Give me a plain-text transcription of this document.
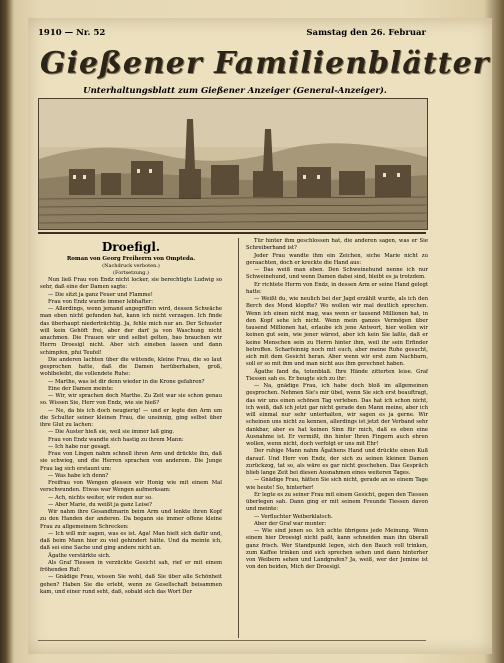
1910 — Nr. 52	Samstag den 26. Februar
Gießener Familienblätter
Unterhaltungsblatt zum Gießener Anzeiger (General-Anzeiger).
Droefigl.
Roman von Georg Freiherrn von Ompteda.
(Nachdruck verboten.)
(Fortsetzung.)

Nun ließ Frau von Endz nicht locker, sie berechtigte Ludwig so sehr, daß eine der Damen sagte:

— Die sitzt ja ganz Feuer und Flamme!

Frau von Endz wurde immer lebhafter:

— Allerdings, wenn jemand angegriffen wird, dessen Schwäche man eben nicht gefunden hat, kann ich nicht verzagen. Ich finde das überhaupt niederträchtig. Ja, fehle mich nur an. Der Schuster will kein Gehöft frei, aber der darf ja von Waschung nicht anachmen. Die Frauen wir und selbst gelten, bao brauchen wir Herrn Droesigl nicht. Aber sich eineben lassen und dann schimpfen, pfui Teufel!

Die anderen lachten über die wütende, kleine Frau, die so laut gesprochen hatte, daß die Damen herüberhaben, groß, wohlbeleibt, die vollendete Ruhe:

— Marthe, was ist dir denn wieder in die Krone gefahren?

Eine der Damen meinte:

— Wir, wir sprachen doch Marthe. Zu Zeit war sie schon genau so. Wissen Sie, Herr von Endz, wie sie hieß?

— Ne, da bis ich doch neugierig! — und er legte den Arm um die Schulter seiner kleinen Frau, die unsinnig, ging selbst über ihre Glut zu lachen:

— Die Auster hieß sie, weil sie immer laß ging.

Frau von Endz wandte sich hastig zu ihrem Mann:

— Ich habe nur gesagt.

Frau von Lingen nahm schnell ihren Arm und drückte ihn, daß sie schwieg, und die Herren sprachen von anderem. Die Junge Frau lag sich erstaunt um:

— Was habe ich denn?

Freifrau von Wengen glessen wir Honig wie mit einem Mal verschwunden. Etwas war Wengen aufmerksam:

— Ach, nichts weiter, wir reden nur so.

— Aber Marie, du weißt ja ganz Leise?

Wir nahm ihre Gesandtmarin beim Arm und lenkte ihren Kopf zu den Handen der anderen. Da begann sie immer offene kleine Frau zu allgemeinem Schrecken:

— Ich will mir sagen, was es ist. Aga! Man hielt sich dafür und, daß beim Mann hier zu viel gehindert hätte. Und da meinte ich, daß sei eine Sache und ging andere nicht an.

Ägathe verstärkte sich.

Als Graf Tiessen in verzückte Gesicht sah, rief er mit einem fröhenden Ruf:

— Gnädige Frau, wissen Sie wohl, daß Sie über alle Schönheit gehen? Haben Sie die erlebt, wenn ze Gesellschaft beisammen kam, und einer rund seht, daß, sobald sich das Wort Der

Tür hinter ihm geschlossen hat, die anderen sagen, was er Sie Schreiberhand ist?

Jeder Frau wandte ihm ein Zeichen, siche Marie nicht zu geraachten, doch er kreckte die Hand aus:

— Das weiß man eben. Den Schweinehund nenne ich nur Schweinehund, und wenn Damen dabei sind, bleibt es ja trotzdem.

Er richtete Herrn von Endz, in dessen Arm er seine Hand gelegt hatte:

— Weißt du, wie neulich bei der Jagd erzählt wurde, als ich den Berch des Mond klopfte? Wo wollen wir mal deutlich sprechen. Wenn ich einen nicht mag, was wenn er tausend Millionen hat, in den Kopf sehe ich nicht. Wenn mein ganzes Vermögen über tausend Millionen hat, erlaube ich jene Antwort, hier wollen wir keinen gut sein, wie jener wärest, aber ich kein Sie laßte, daß er keine Menschen sein zu Herrn hinter ihm, weil ihr sein Erfinder betroffen. Scharfsinnig noch mit euch, aber meine Ruhe gesucht, sich mit dem Gesicht heran. Aber wenn wir erst zum Nachbarn, soll er so mit ihm und man nicht aus ihm gerechnet haben.

Ägathe fand da, totenblaß. Ihre Hände zitterten leise. Graf Tiessen sah es. Er beugte sich zu ihr:

— Na, gnädige Frau, ich habe doch bloß im allgemeinen gesprochen. Nehmen Sie's mir übel, wenn Sie sich erst beauftragt, das wir uns einen schönen Tag verleben. Das hat ich schon nicht, ich weiß, daß ich jetzt gar nicht gerade den Mann meine, aber ich will einmal nur sehr unterhalten, wir sagen es ja gerne. Wir scheinen uns nicht zu kennen, allerdings ist jetzt der Verband sehr dankbar, aber es hat keinen Sinn für mich, daß es eben eine Ausnahme ist. Er vermißt, ihn hinter Ihren Fingern auch ehren wollen, wenn nicht, doch verfolgt er uns mit Ehr!

Der ruhige Mann nahm Ägathens Hand und drückte einen Kuß darauf. Und Herr von Endz, der sich zu seinen kleinen Damen zurückzog, tat so, als wäre es gar nicht geschehen. Das Gespräch blieb lange Zeit bei diesen Ausnahmen eines weiteren Tages.

— Gnädige Frau, hätten Sie sich nicht, gerade an so einem Tage wie heute! So, hinterher!

Er legte es zu seiner Frau mit einem Gesicht, gegen den Tiessen überlegen sah. Dann ging er mit seinem Freunde Tiessen davon und meinte:

— Verfluchter Weiberklatsch.

Aber der Graf war munter:

— Wie sind jenen so. Ich achte übrigens jede Meinung. Wenn einem hier Droesigl nicht paßt, kann schneiden man ihn überall ganz frisch. Wer Standpunkt legen, sich den Bauch voll trinken, zum Kaffee trinken und sich sprechen sehen und dann hinterher von Weibern sehen und Landgrafen? Ja, weiß, wer der Jemine ist von den beiden, Mich der Droesigl.
